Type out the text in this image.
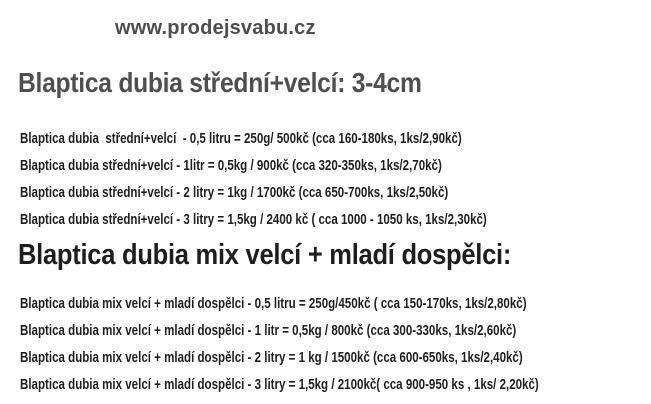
www.prodejsvabu.cz
Blaptica dubia střední+velcí: 3-4cm
Blaptica dubia  střední+velcí  - 0,5 litru = 250g/ 500kč (cca 160-180ks, 1ks/2,90kč)
Blaptica dubia střední+velcí - 1litr = 0,5kg / 900kč (cca 320-350ks, 1ks/2,70kč)
Blaptica dubia střední+velcí - 2 litry = 1kg / 1700kč (cca 650-700ks, 1ks/2,50kč)
Blaptica dubia střední+velcí - 3 litry = 1,5kg / 2400 kč ( cca 1000 - 1050 ks, 1ks/2,30kč)
Blaptica dubia mix velcí + mladí dospělci:
Blaptica dubia mix velcí + mladí dospělci - 0,5 litru = 250g/450kč ( cca 150-170ks, 1ks/2,80kč)
Blaptica dubia mix velcí + mladí dospělci - 1 litr = 0,5kg / 800kč (cca 300-330ks, 1ks/2,60kč)
Blaptica dubia mix velcí + mladí dospělci - 2 litry = 1 kg / 1500kč (cca 600-650ks, 1ks/2,40kč)
Blaptica dubia mix velcí + mladí dospělci - 3 litry = 1,5kg / 2100kč( cca 900-950 ks , 1ks/ 2,20kč)
